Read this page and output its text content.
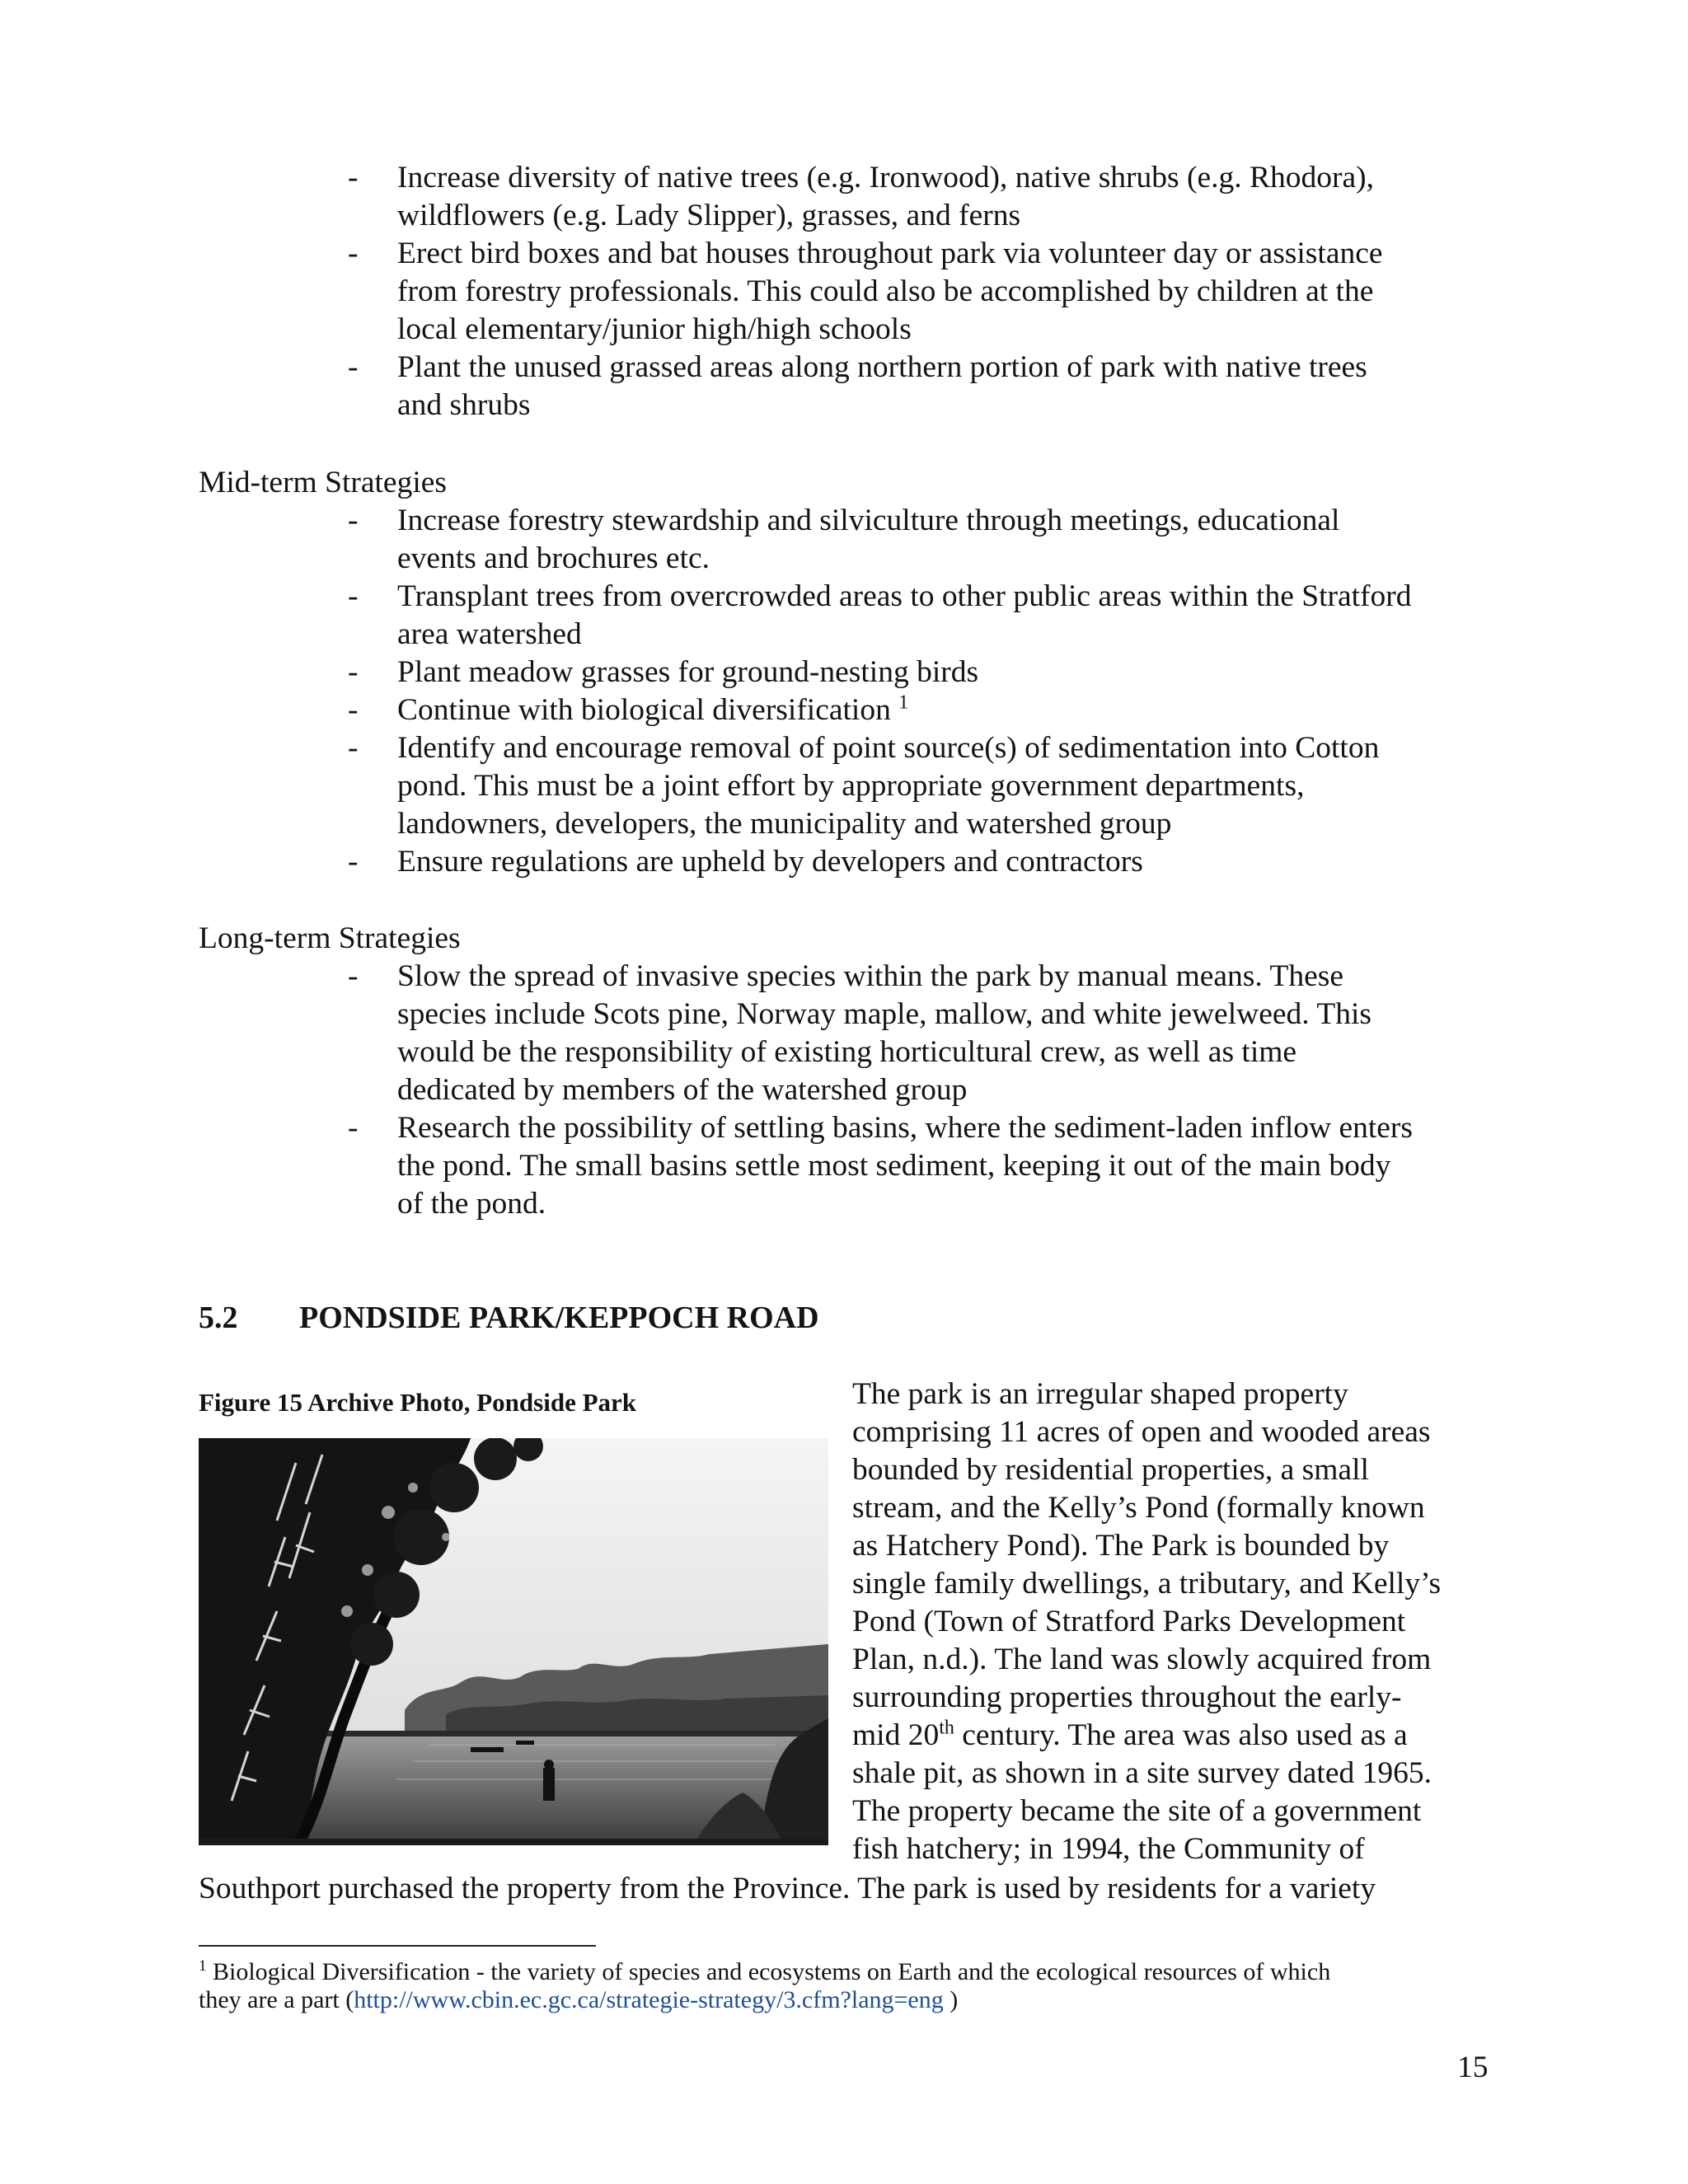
- Increase diversity of native trees (e.g. Ironwood), native shrubs (e.g. Rhodora),
wildflowers (e.g. Lady Slipper), grasses, and ferns
- Erect bird boxes and bat houses throughout park via volunteer day or assistance
from forestry professionals. This could also be accomplished by children at the
local elementary/junior high/high schools
- Plant the unused grassed areas along northern portion of park with native trees
and shrubs
Mid-term Strategies
- Increase forestry stewardship and silviculture through meetings, educational
events and brochures etc.
- Transplant trees from overcrowded areas to other public areas within the Stratford
area watershed
- Plant meadow grasses for ground-nesting birds
- Continue with biological diversification $^1$
- Identify and encourage removal of point source(s) of sedimentation into Cotton
pond. This must be a joint effort by appropriate government departments,
landowners, developers, the municipality and watershed group
- Ensure regulations are upheld by developers and contractors
Long-term Strategies
- Slow the spread of invasive species within the park by manual means. These
species include Scots pine, Norway maple, mallow, and white jewelweed. This
would be the responsibility of existing horticultural crew, as well as time
dedicated by members of the watershed group
- Research the possibility of settling basins, where the sediment-laden inflow enters
the pond. The small basins settle most sediment, keeping it out of the main body
of the pond.
5.2 PONDSIDE PARK/KEPPOCH ROAD
Figure 15 Archive Photo, Pondside Park	The park is an irregular shaped property
comprising 11 acres of open and wooded areas
bounded by residential properties, a small
stream, and the Kelly’s Pond (formally known
as Hatchery Pond). The Park is bounded by
single family dwellings, a tributary, and Kelly’s
Pond (Town of Stratford Parks Development
Plan, n.d.). The land was slowly acquired from
surrounding properties throughout the early-
mid 20th century. The area was also used as a
shale pit, as shown in a site survey dated 1965.
The property became the site of a government
fish hatchery; in 1994, the Community of
Southport purchased the property from the Province. The park is used by residents for a variety
$^1$ Biological Diversification - the variety of species and ecosystems on Earth and the ecological resources of which
they are a part (http://www.cbin.ec.gc.ca/strategie-strategy/3.cfm?lang=eng )
15
